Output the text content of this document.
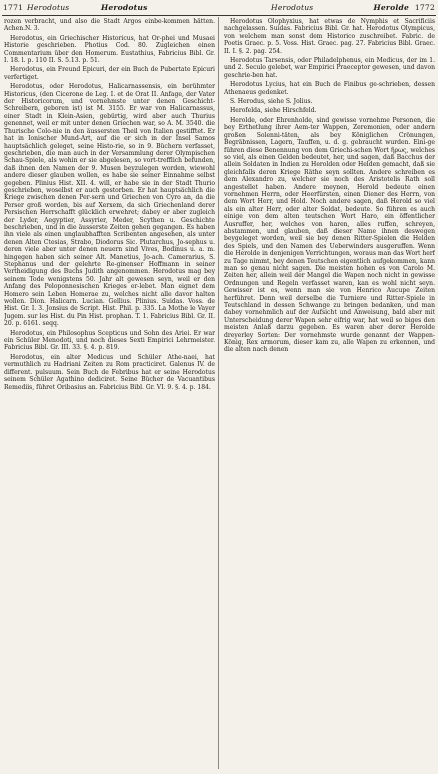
1771 Herodotus	Herodotus	Herodotus	Herolde 1772

rozen verbracht, und also die Stadt Argos einbe-kommen hätten. Achen.N. 3.

Herodotus, ein Griechischer Historicus, hat Or-phei und Musaei Historie geschrieben. Photius Cod. 80. Zugleichen einen Commentarium über den Homerum. Eustathius, Fabricius Bibl. Gr. I. 18. l. p. 110 II. S. 5.13. p. 51.

Herodotus, ein Freund Epicuri, der ein Buch de Pubertate Epicuri verfertiget.

Herodotus, oder Herodotus, Halicarnassensis, ein berühmter Historicus, (den Cicerone de Leg. I. et de Orat II. Anfage, der Vater der Historicorum, und vornehmste unter denen Geschicht-Schreibern, geboren ist) ist M. 3155. Er war von Halicarnassus, einer Stadt in Klein-Asien, gebürtig, wird aber auch Thurius genennet, weil er mit unter denen Griechen war, so A. M. 3540. die Thurische Colo-nie in den äussersten Theil von Italien gestifftet. Er hat in Ionischer Mund-Art, auf die er sich in der Insel Samos hauptsächlich geleget, seine Histo-rie, so in 9. Büchern verfasset, geschrieben, die man auch in der Versammlung derer Olympischen Schau-Spiele, als wohin er sie abgelesen, so vort-trefflich befunden, daß ihnen den Namen der 9. Musen beyzulegen worden, wiewohl andere dieser glauben wollen, es habe sie seiner Einnahme selbst gegeben. Plinius Hist. XII. 4. will, er habe sie in der Stadt Thurio geschrieben, woselbst er auch gestorben. Er hat hauptsächlich die Kriege zwischen denen Per-sern und Griechen von Cyro an, da die Perser groß worden, bis auf Xerxem, da sich Griechenland derer Persischen Herrschafft glücklich erwehret; dabey er aber zugleich der Lyder, Aegyptier, Assyrier, Meder, Scythen u. Geschichte beschrieben, und in die äusserste Zeiten gehen gegangen. Es haben ihn viele als einen unglaubhafften Scribenten angesehen, als unter denen Alten Ctesias, Strabo, Diodorus Sic. Plutarchus, Jo-sephus u. deren viele aber unter denen neuern sind Vives, Bodinus u. a. m. hingegen haben sich seiner Alt. Manetius, Jo-ach. Camerarius, S. Stephanus und der gelehrte Re-ginenser Hoffmann in seiner Vertheidigung des Buchs Judith angenommen. Herodotus mag bey seinem Tode wenigstens 50. Jahr alt gewesen seyn, weil er den Anfang des Peloponnesischen Krieges er-lebet. Man eignet dem Homero sein Leben Homerae zu, welches nicht alle davor halten wollen. Dion. Halicarn. Lucian. Gellius. Plinius. Suidas. Voss. de Hist. Gr. I. 3. Jonsius de Script. Hist. Phil. p. 335. La Mothe le Vayer Jugem. sur les Hist. du Pin Hist. prophan. T. 1. Fabricius Bibl. Gr. II. 20. p. 6161. seqq.

Herodotus, ein Philosophus Scepticus und Sohn des Ariei. Er war ein Schüler Menodoti, und noch dieses Sexti Empirici Lehrmeister. Fabricius Bibl. Gr. III. 33. §. 4. p. 819.

Herodotus, ein alter Medicus und Schüler Athe-naei, hat vermuthlich zu Hadriani Zeiten zu Rom practiciret. Galenus IV. de different. pulsuum. Sein Buch de Febribus hat er seine Herodotus seinem Schüler Agathino dediciret. Seine Bücher de Vacuantibus Remediis, führet Oribasius an. Fabricius Bibl. Gr. VI. 9. §. 4. p. 184.

Herodotus Olophyxius, hat etwas de Nymphis et Sacrificiis nachgelassen. Suidas. Fabricius Bibl. Gr. hat. Herodotus Olympicus, von welchem man sonst dem Historico zuschreibet. Fabric. de Poetis Graec. p. 5. Voss. Hist. Graec. pag. 27. Fabricius Bibl. Graec. II. I. §. 2. pag. 254.

Herodotus Tarsensis, oder Philadelphenus, ein Medicus, der im 1. und 2. Seculo gelebet, war Empirici Praeceptor gewesen, und davon geschrie-ben hat.

Herodotus Lycius, hat ein Buch de Finibus ge-schrieben, dessen Athenaeus gedenket.

S. Herodus, siehe S. Jolius.

Herofelda, siehe Hirschfeld.

Herolde, oder Ehrenholde, sind gewisse vornehme Personen, die bey Erthetlung ihrer Aem-ter Wappen, Zeremonien, oder andern großen Solenni-täten, als bey Königlichen Crönungen, Begräbnissen, Lagern, Tauffen, u. d. g. gebraucht wurden. Eini-ge führen diese Benennung von dem Griechi-schen Wort ἥρως, welches so viel, als einen Gelden bedeutet, her, und sagen, daß Bacchus der allein Soldaten in Indien zu Herolden oder Helden gemacht, daß sie gleichfalls deren Kriege Räthe seyn sollten. Andere schreiben es dem Alexandro zu, welcher sie noch des Aristotelis Rath soll angestellet haben. Andere meynen, Herold bedeute einen vornehmen Herrn, oder Heerfürsten, einen Diener des Herrn, von dem Wort Herr, und Hold. Noch andere sagen, daß Herold so viel als ein alter Herr, oder alter Soldat, bedeute. So führen es auch einige von dem alten teutschen Wort Haro, ein öffentlicher Ausruffer, her, welches von haren, alles ruffen, schreyen, abstammen, und glauben, daß dieser Name ihnen deswegen beygeleget worden, weil sie bey denen Ritter-Spielen die Helden des Spiels, und den Namen des Ueberwinders ausgeruffen. Wenn die Herolde in denjenigen Verrichtungen, woraus man das Wort herf zu Tage nimmt, bey denen Teutschen eigentlich aufgekommen, kann man so genau nicht sagen. Die meisten hohen es von Carolo M. Zeiten her, allein weil der Mangel die Wapen noch nicht in gewisse Ordnungen und Regeln verfasset waren, kan es wohl nicht seyn. Gewisser ist es, wenn man sie von Henrico Aucupe Zeiten herführet. Denn weil derselbe die Turniere und Ritter-Spiele in Teutschland in dessen Schwange zu bringen bedanken, und man dabey vornehmlich auf der Aufsicht und Anweisung, bald aber mit Unterscheidung derer Wapen sehr eifrig war, hat weil so biges den meisten Anlaß darzu gegeben. Es waren aber derer Herolde dreyerley Sorten: Der vornehmste wurde genannt der Wappen-König, Rex armorum, dieser kam zu, alle Wapen zu erkennen, und die alten nach denen
